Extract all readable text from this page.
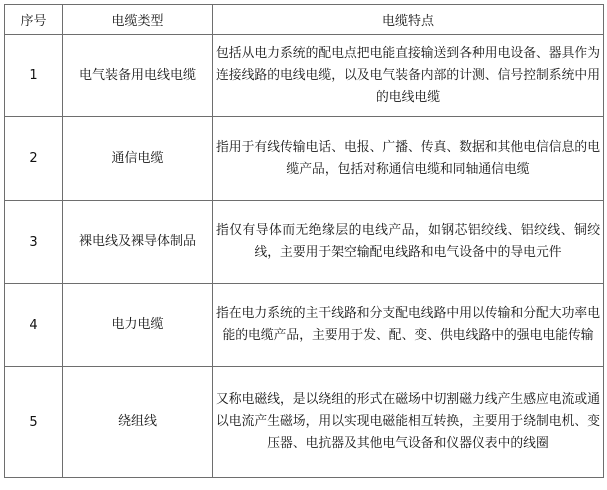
序号	电缆类型	电缆特点
1	电气装备用电线电缆	包括从电力系统的配电点把电能直接输送到各种用电设备、器具作为连接线路的电线电缆，以及电气装备内部的计测、信号控制系统中用的电线电缆
2	通信电缆	指用于有线传输电话、电报、广播、传真、数据和其他电信信息的电缆产品，包括对称通信电缆和同轴通信电缆
3	裸电线及裸导体制品	指仅有导体而无绝缘层的电线产品，如钢芯铝绞线、铝绞线、铜绞线，主要用于架空输配电线路和电气设备中的导电元件
4	电力电缆	指在电力系统的主干线路和分支配电线路中用以传输和分配大功率电能的电缆产品，主要用于发、配、变、供电线路中的强电电能传输
5	绕组线	又称电磁线，是以绕组的形式在磁场中切割磁力线产生感应电流或通以电流产生磁场，用以实现电磁能相互转换，主要用于绕制电机、变压器、电抗器及其他电气设备和仪器仪表中的线圈
